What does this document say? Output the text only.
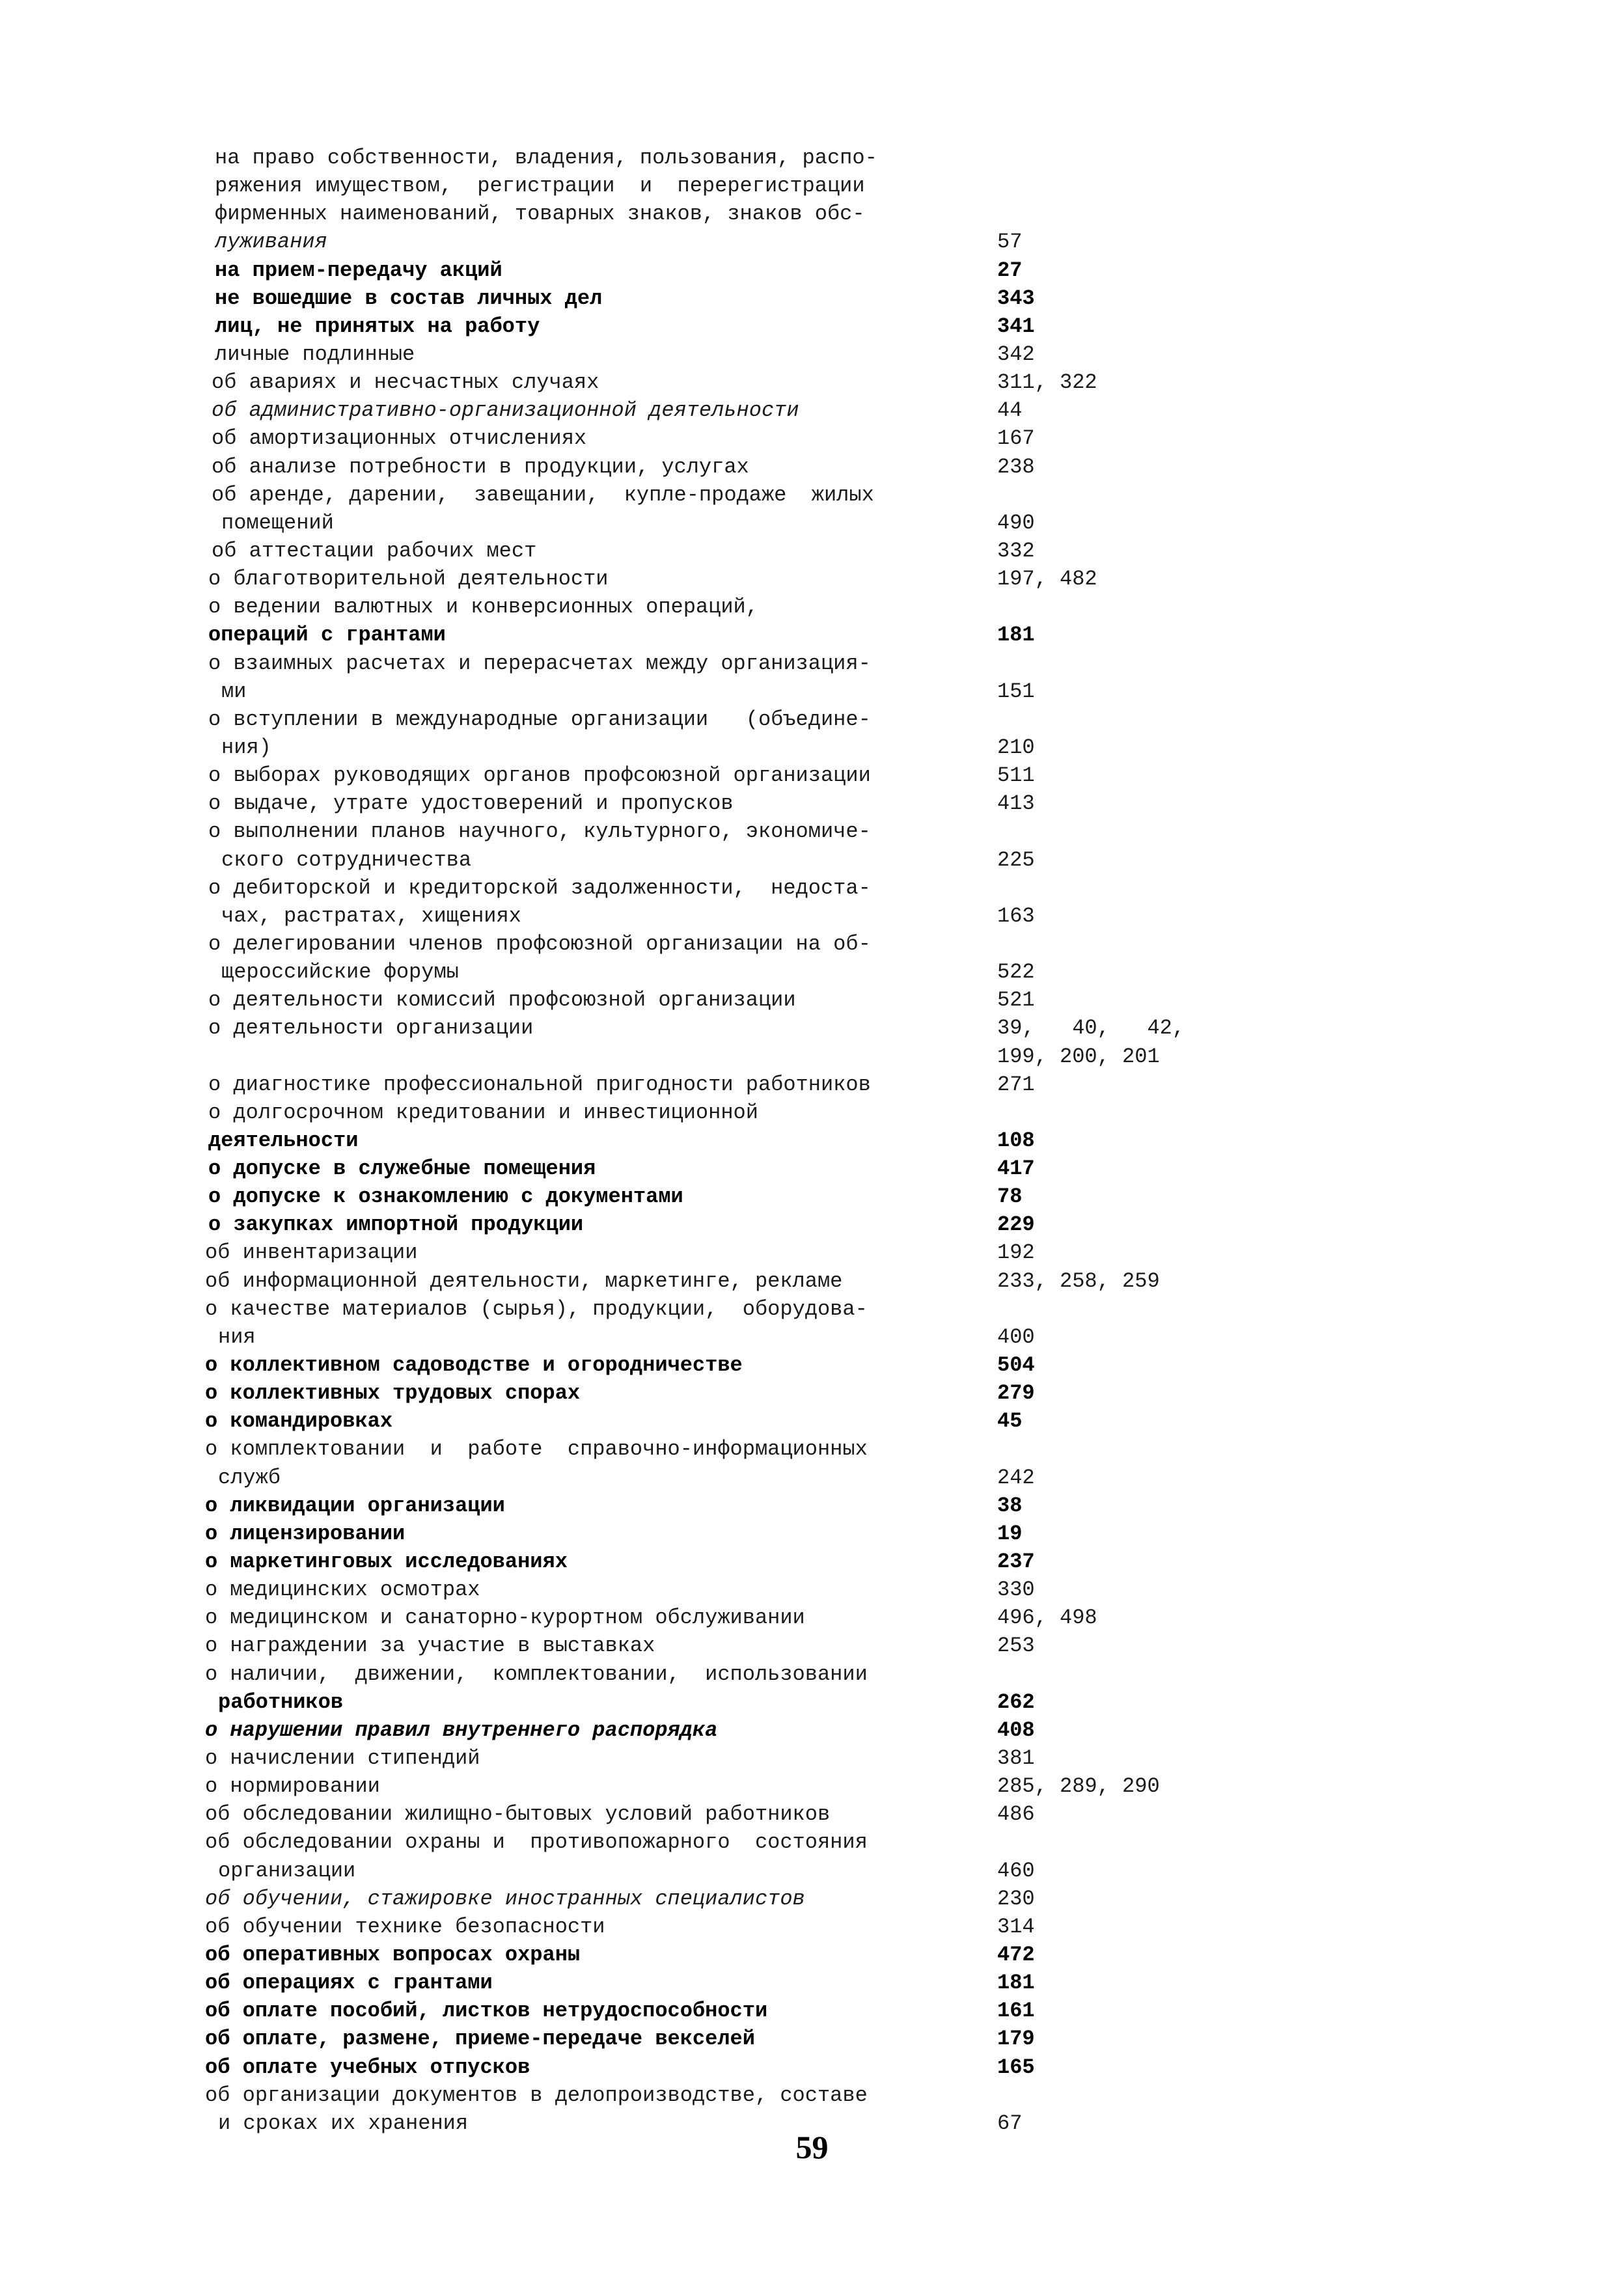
на право собственности, владения, пользования, распо-
ряжения имуществом,  регистрации  и  перерегистрации
фирменных наименований, товарных знаков, знаков обс-
луживания	57
на прием-передачу акций	27
не вошедшие в состав личных дел	343
лиц, не принятых на работу	341
личные подлинные	342
об авариях и несчастных случаях	311, 322
об административно-организационной деятельности	44
об амортизационных отчислениях	167
об анализе потребности в продукции, услугах	238
об аренде, дарении,  завещании,  купле-продаже  жилых
помещений	490
об аттестации рабочих мест	332
о благотворительной деятельности	197, 482
о ведении валютных и конверсионных операций,
операций с грантами	181
о взаимных расчетах и перерасчетах между организация-
ми	151
о вступлении в международные организации   (объедине-
ния)	210
о выборах руководящих органов профсоюзной организации	511
о выдаче, утрате удостоверений и пропусков	413
о выполнении планов научного, культурного, экономиче-
ского сотрудничества	225
о дебиторской и кредиторской задолженности,  недоста-
чах, растратах, хищениях	163
о делегировании членов профсоюзной организации на об-
щероссийские форумы	522
о деятельности комиссий профсоюзной организации	521
о деятельности организации	39,   40,   42,
199, 200, 201
о диагностике профессиональной пригодности работников	271
о долгосрочном кредитовании и инвестиционной
деятельности	108
о допуске в служебные помещения	417
о допуске к ознакомлению с документами	78
о закупках импортной продукции	229
об инвентаризации	192
об информационной деятельности, маркетинге, рекламе	233, 258, 259
о качестве материалов (сырья), продукции,  оборудова-
ния	400
о коллективном садоводстве и огородничестве	504
о коллективных трудовых спорах	279
о командировках	45
о комплектовании  и  работе  справочно-информационных
служб	242
о ликвидации организации	38
о лицензировании	19
о маркетинговых исследованиях	237
о медицинских осмотрах	330
о медицинском и санаторно-курортном обслуживании	496, 498
о награждении за участие в выставках	253
о наличии,  движении,  комплектовании,  использовании
работников	262
о нарушении правил внутреннего распорядка	408
о начислении стипендий	381
о нормировании	285, 289, 290
об обследовании жилищно-бытовых условий работников	486
об обследовании охраны и  противопожарного  состояния
организации	460
об обучении, стажировке иностранных специалистов	230
об обучении технике безопасности	314
об оперативных вопросах охраны	472
об операциях с грантами	181
об оплате пособий, листков нетрудоспособности	161
об оплате, размене, приеме-передаче векселей	179
об оплате учебных отпусков	165
об организации документов в делопроизводстве, составе
и сроках их хранения	67
59
